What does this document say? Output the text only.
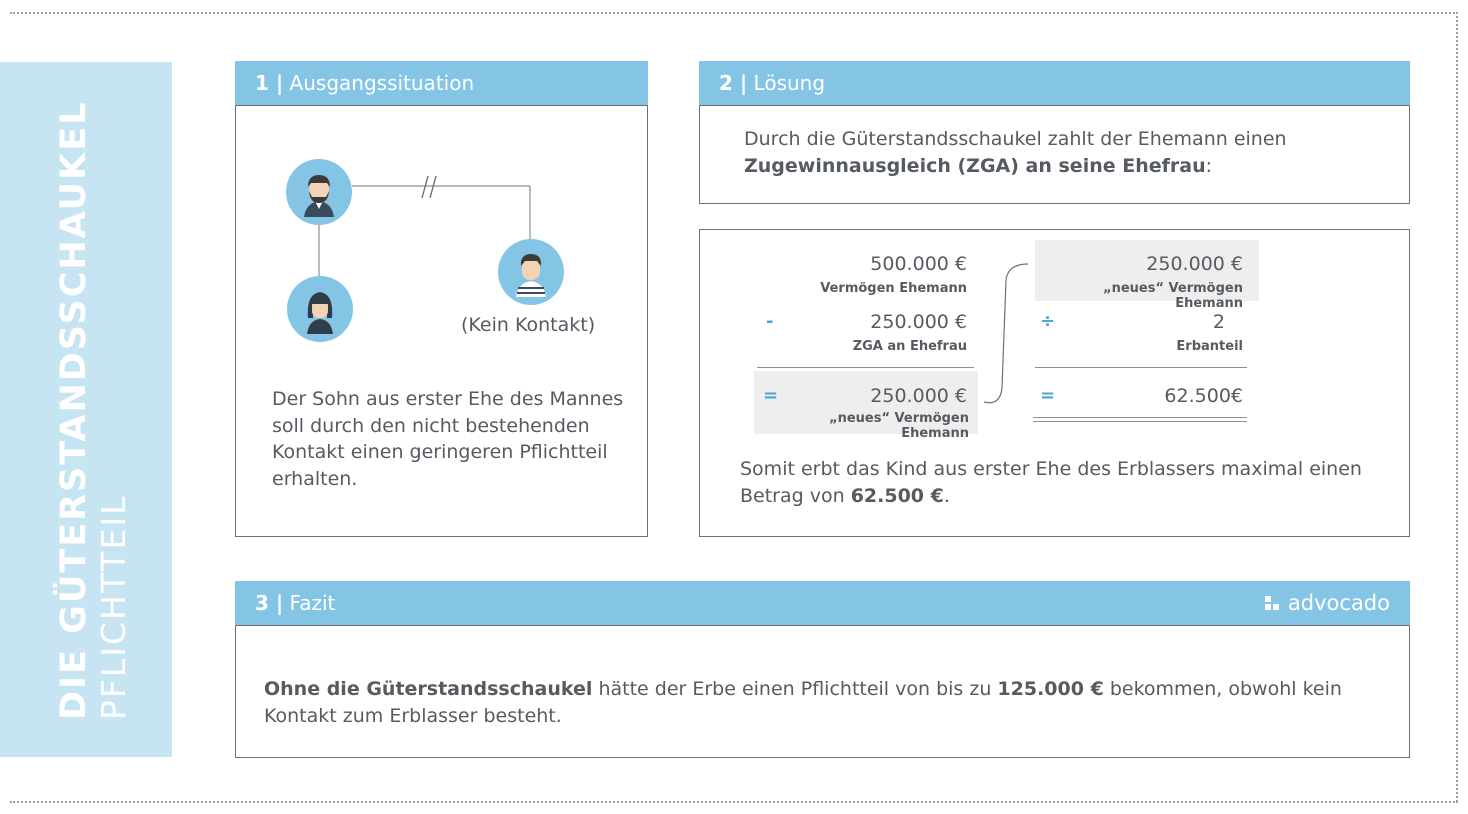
DIE GÜTERSTANDSSCHAUKEL PFLICHTTEIL
1 | Ausgangssituation
(Kein Kontakt)
Der Sohn aus erster Ehe des Mannes soll durch den nicht bestehenden Kontakt einen geringeren Pflichtteil erhalten.
2 | Lösung
Durch die Güterstandsschaukel zahlt der Ehemann einen Zugewinnausgleich (ZGA) an seine Ehefrau:
500.000 €
Vermögen Ehemann
-	250.000 €
ZGA an Ehefrau
=	250.000 €
„neues“ Vermögen Ehemann
250.000 €
„neues“ Vermögen Ehemann
÷	2
Erbanteil
=	62.500€
Somit erbt das Kind aus erster Ehe des Erblassers maximal einen Betrag von 62.500 €.
3 | Fazit	advocado
Ohne die Güterstandsschaukel hätte der Erbe einen Pflichtteil von bis zu 125.000 € bekommen, obwohl kein Kontakt zum Erblasser besteht.
